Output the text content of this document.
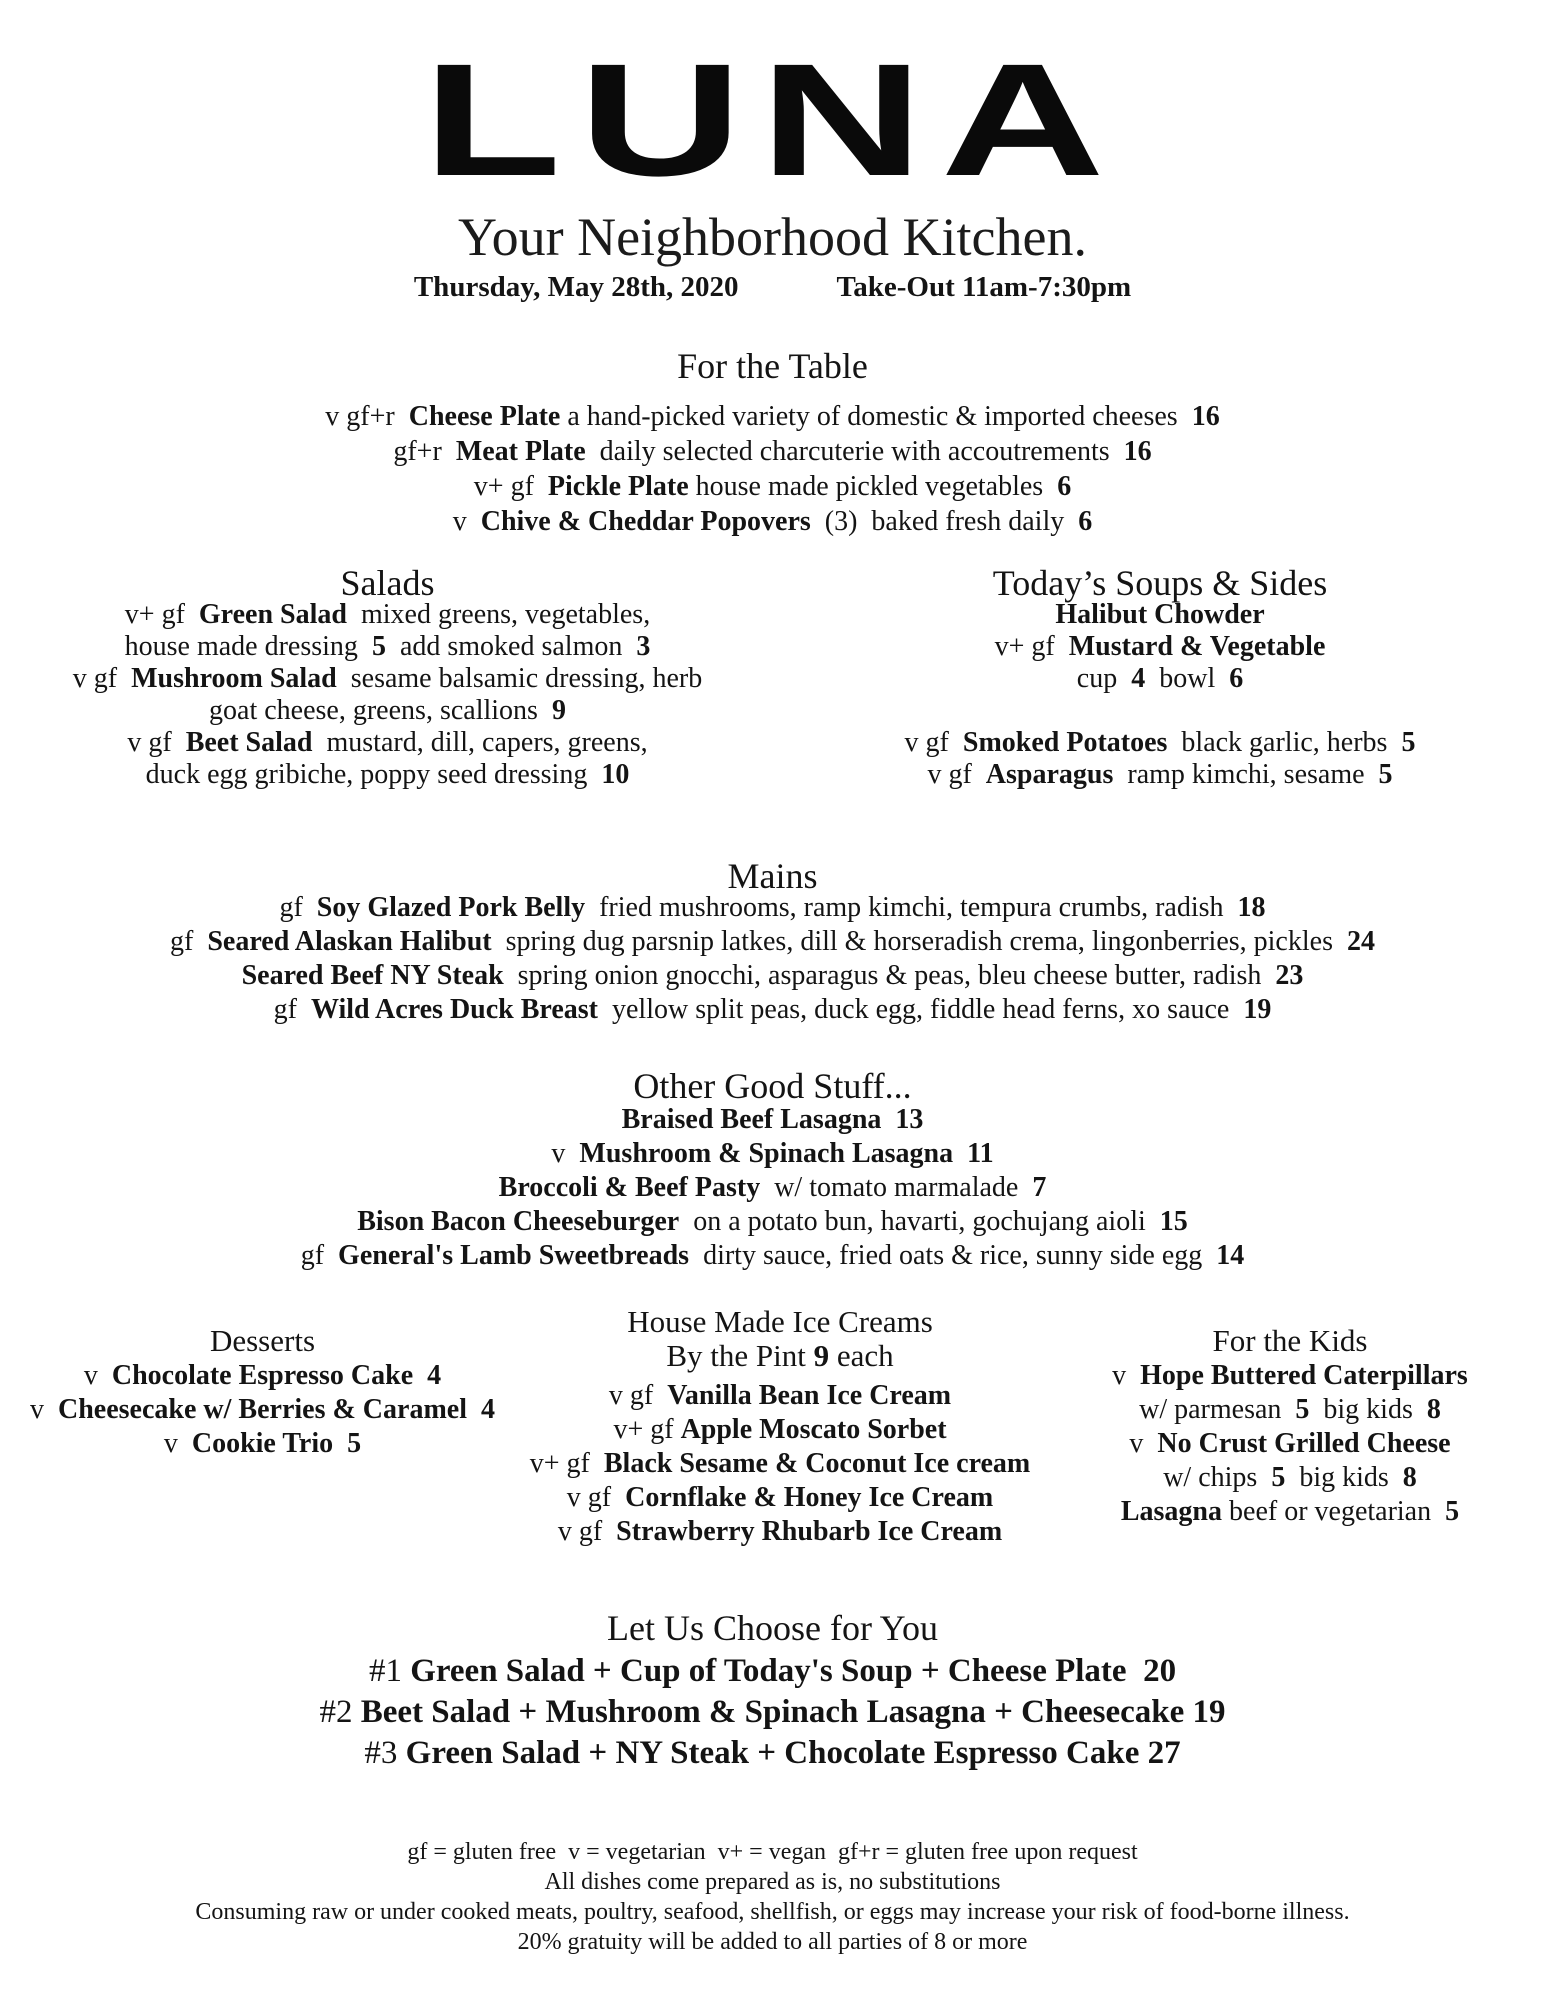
LUNA
Your Neighborhood Kitchen.
Thursday, May 28th, 2020	Take-Out 11am-7:30pm
For the Table
v gf+r  Cheese Plate a hand-picked variety of domestic & imported cheeses  16
gf+r  Meat Plate  daily selected charcuterie with accoutrements  16
v+ gf  Pickle Plate house made pickled vegetables  6
v  Chive & Cheddar Popovers  (3)  baked fresh daily  6
Salads
v+ gf  Green Salad  mixed greens, vegetables,
house made dressing  5  add smoked salmon  3
v gf  Mushroom Salad  sesame balsamic dressing, herb
goat cheese, greens, scallions  9
v gf  Beet Salad  mustard, dill, capers, greens,
duck egg gribiche, poppy seed dressing  10
Today’s Soups & Sides
Halibut Chowder
v+ gf  Mustard & Vegetable
cup  4  bowl  6

v gf  Smoked Potatoes  black garlic, herbs  5
v gf  Asparagus  ramp kimchi, sesame  5
Mains
gf  Soy Glazed Pork Belly  fried mushrooms, ramp kimchi, tempura crumbs, radish  18
gf  Seared Alaskan Halibut  spring dug parsnip latkes, dill & horseradish crema, lingonberries, pickles  24
Seared Beef NY Steak  spring onion gnocchi, asparagus & peas, bleu cheese butter, radish  23
gf  Wild Acres Duck Breast  yellow split peas, duck egg, fiddle head ferns, xo sauce  19
Other Good Stuff...
Braised Beef Lasagna 13
v  Mushroom & Spinach Lasagna 11
Broccoli & Beef Pasty  w/ tomato marmalade  7
Bison Bacon Cheeseburger  on a potato bun, havarti, gochujang aioli  15
gf  General's Lamb Sweetbreads  dirty sauce, fried oats & rice, sunny side egg  14
Desserts
v  Chocolate Espresso Cake 4
v  Cheesecake w/ Berries & Caramel 4
v  Cookie Trio 5
House Made Ice Creams
By the Pint 9 each
v gf  Vanilla Bean Ice Cream
v+ gf Apple Moscato Sorbet
v+ gf  Black Sesame & Coconut Ice cream
v gf  Cornflake & Honey Ice Cream
v gf  Strawberry Rhubarb Ice Cream
For the Kids
v  Hope Buttered Caterpillars
w/ parmesan  5  big kids  8
v  No Crust Grilled Cheese
w/ chips  5  big kids  8
Lasagna beef or vegetarian  5
Let Us Choose for You
#1 Green Salad + Cup of Today's Soup + Cheese Plate 20
#2 Beet Salad + Mushroom & Spinach Lasagna + Cheesecake 19
#3 Green Salad + NY Steak + Chocolate Espresso Cake 27
gf = gluten free  v = vegetarian  v+ = vegan  gf+r = gluten free upon request
All dishes come prepared as is, no substitutions
Consuming raw or under cooked meats, poultry, seafood, shellfish, or eggs may increase your risk of food-borne illness.
20% gratuity will be added to all parties of 8 or more
